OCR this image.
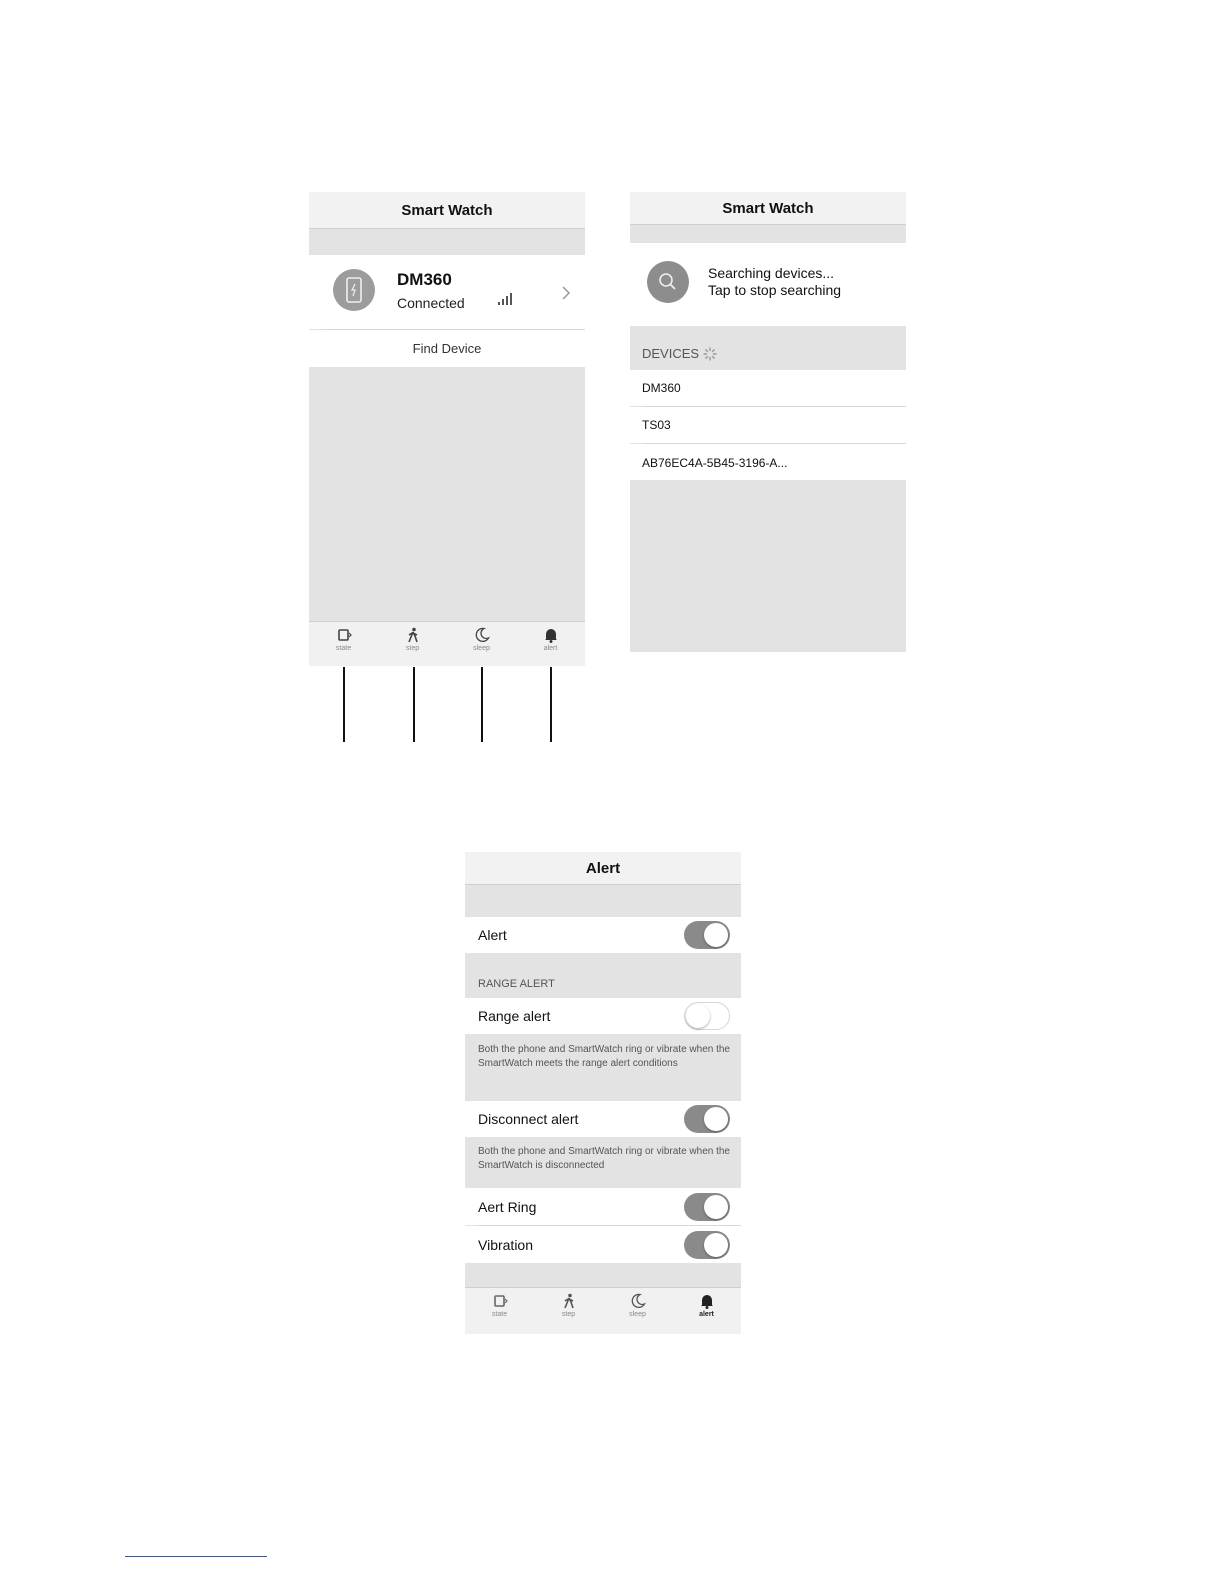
Smart Watch
DM360
Connected
Find Device
state	step	sleep	alert
Smart Watch
Searching devices...
Tap to stop searching
DEVICES
DM360
TS03
AB76EC4A-5B45-3196-A...
Alert
Alert
RANGE ALERT
Range alert
Both the phone and SmartWatch ring or vibrate when the SmartWatch meets the range alert conditions
Disconnect alert
Both the phone and SmartWatch ring or vibrate when the SmartWatch is disconnected
Aert Ring
Vibration
state	step	sleep	alert
